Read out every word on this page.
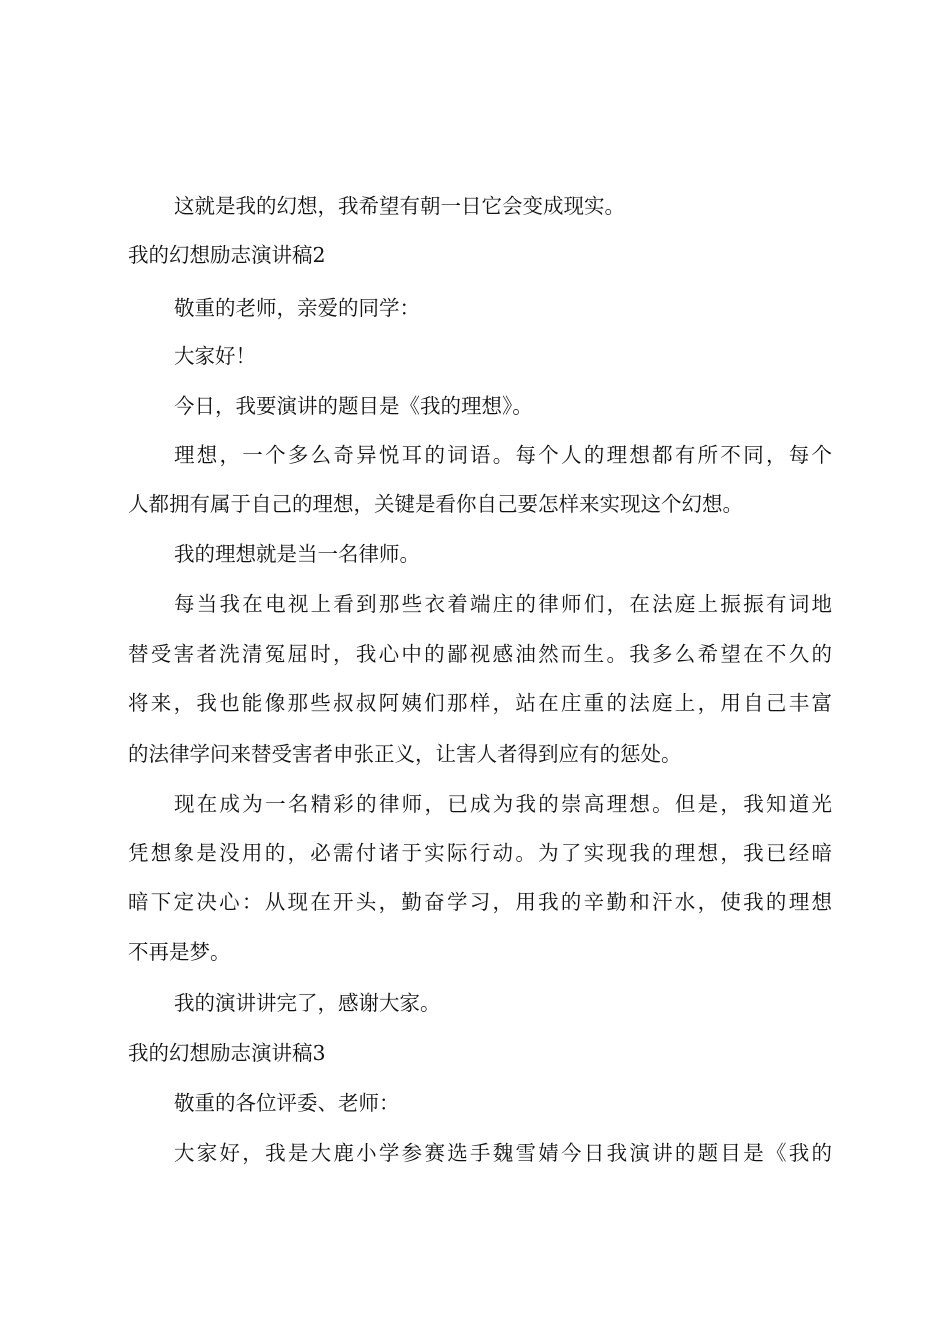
这就是我的幻想，我希望有朝一日它会变成现实。

我的幻想励志演讲稿2

敬重的老师，亲爱的同学：

大家好！

今日，我要演讲的题目是《我的理想》。

理想，一个多么奇异悦耳的词语。每个人的理想都有所不同，每个

人都拥有属于自己的理想，关键是看你自己要怎样来实现这个幻想。

我的理想就是当一名律师。

每当我在电视上看到那些衣着端庄的律师们，在法庭上振振有词地

替受害者洗清冤屈时，我心中的鄙视感油然而生。我多么希望在不久的

将来，我也能像那些叔叔阿姨们那样，站在庄重的法庭上，用自己丰富

的法律学问来替受害者申张正义，让害人者得到应有的惩处。

现在成为一名精彩的律师，已成为我的崇高理想。但是，我知道光

凭想象是没用的，必需付诸于实际行动。为了实现我的理想，我已经暗

暗下定决心：从现在开头，勤奋学习，用我的辛勤和汗水，使我的理想

不再是梦。

我的演讲讲完了，感谢大家。

我的幻想励志演讲稿3

敬重的各位评委、老师：

大家好，我是大鹿小学参赛选手魏雪婧今日我演讲的题目是《我的
